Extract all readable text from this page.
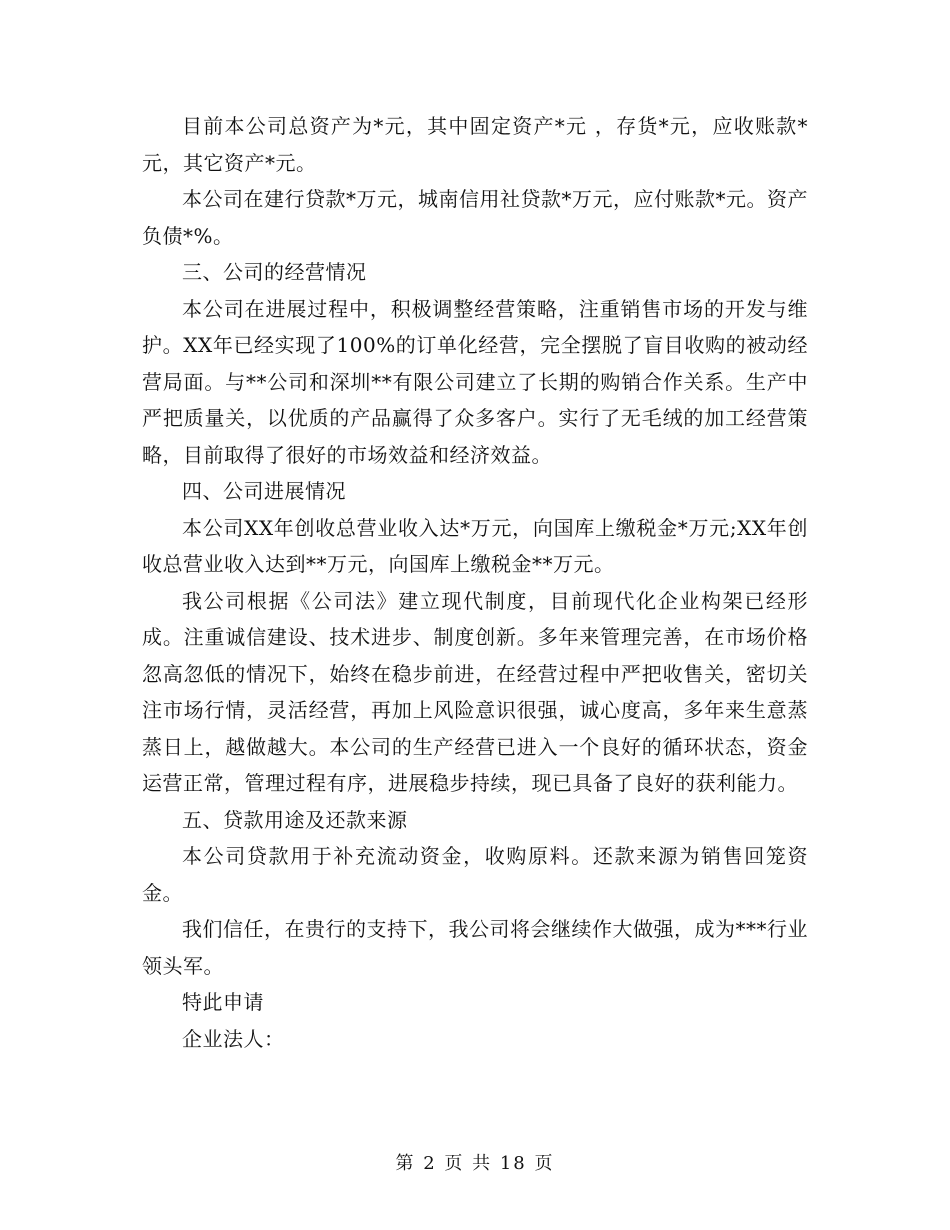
目前本公司总资产为*元，其中固定资产*元 ，存货*元，应收账款*元，其它资产*元。

本公司在建行贷款*万元，城南信用社贷款*万元，应付账款*元。资产负债*%。

三、公司的经营情况

本公司在进展过程中，积极调整经营策略，注重销售市场的开发与维护。XX年已经实现了100%的订单化经营，完全摆脱了盲目收购的被动经营局面。与**公司和深圳**有限公司建立了长期的购销合作关系。生产中严把质量关，以优质的产品赢得了众多客户。实行了无毛绒的加工经营策略，目前取得了很好的市场效益和经济效益。

四、公司进展情况

本公司XX年创收总营业收入达*万元，向国库上缴税金*万元;XX年创收总营业收入达到**万元，向国库上缴税金**万元。

我公司根据《公司法》建立现代制度，目前现代化企业构架已经形成。注重诚信建设、技术进步、制度创新。多年来管理完善，在市场价格忽高忽低的情况下，始终在稳步前进，在经营过程中严把收售关，密切关注市场行情，灵活经营，再加上风险意识很强，诚心度高，多年来生意蒸蒸日上，越做越大。本公司的生产经营已进入一个良好的循环状态，资金运营正常，管理过程有序，进展稳步持续，现已具备了良好的获利能力。

五、贷款用途及还款来源

本公司贷款用于补充流动资金，收购原料。还款来源为销售回笼资金。

我们信任，在贵行的支持下，我公司将会继续作大做强，成为***行业领头军。

特此申请

企业法人：

第 2 页 共 18 页
